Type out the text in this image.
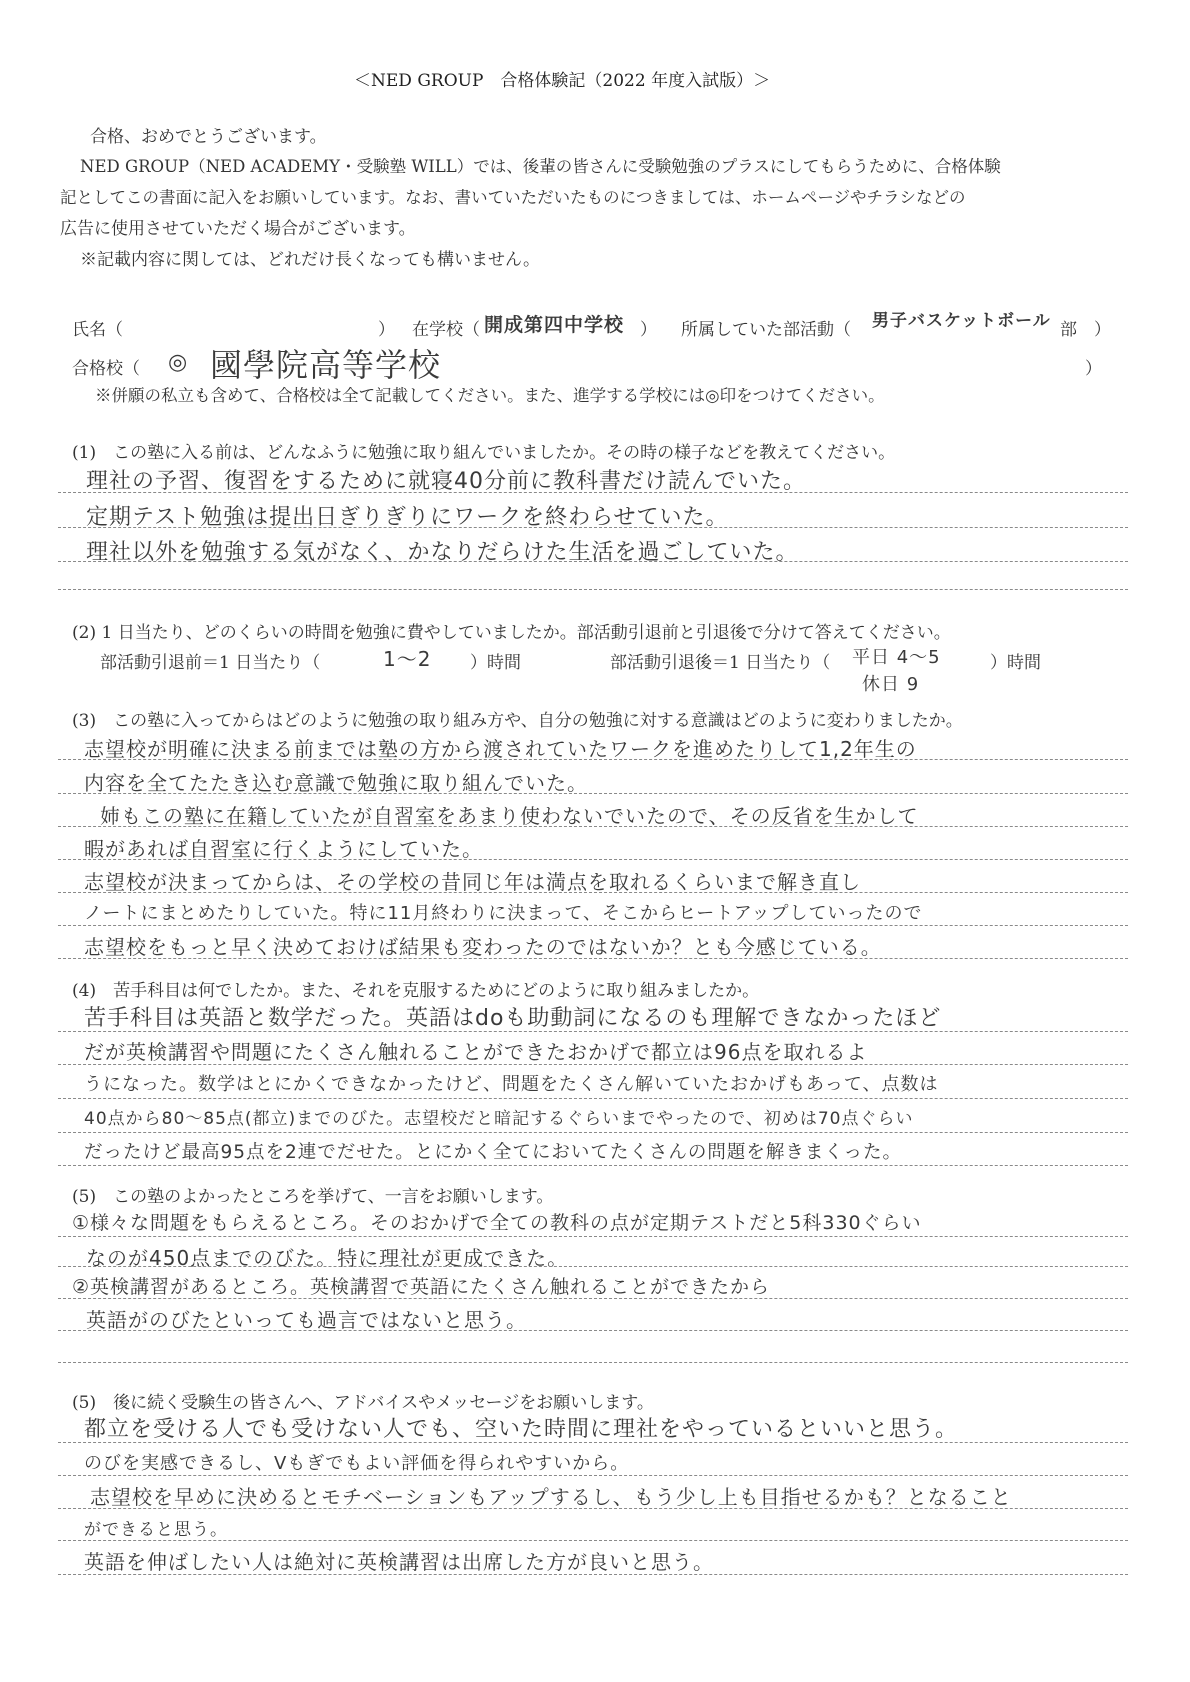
＜NED GROUP　合格体験記（2022 年度入試版）＞
合格、おめでとうございます。
NED GROUP（NED ACADEMY・受験塾 WILL）では、後輩の皆さんに受験勉強のプラスにしてもらうために、合格体験
記としてこの書面に記入をお願いしています。なお、書いていただいたものにつきましては、ホームページやチラシなどの
広告に使用させていただく場合がございます。
※記載内容に関しては、どれだけ長くなっても構いません。
氏名（	） 在学校（ 開成第四中学校 ） 所属していた部活動（ 男子バスケットボール 部　）
合格校（ ◎ 國學院高等学校	）
※併願の私立も含めて、合格校は全て記載してください。また、進学する学校には◎印をつけてください。
(1)　この塾に入る前は、どんなふうに勉強に取り組んでいましたか。その時の様子などを教えてください。
理社の予習、復習をするために就寝40分前に教科書だけ読んでいた。
定期テスト勉強は提出日ぎりぎりにワークを終わらせていた。
理社以外を勉強する気がなく、かなりだらけた生活を過ごしていた。
(2) 1 日当たり、どのくらいの時間を勉強に費やしていましたか。部活動引退前と引退後で分けて答えてください。
部活動引退前＝1 日当たり（	1〜2 ）時間	部活動引退後＝1 日当たり（ 平日 4〜5
休日 9
）時間
(3)　この塾に入ってからはどのように勉強の取り組み方や、自分の勉強に対する意識はどのように変わりましたか。
志望校が明確に決まる前までは塾の方から渡されていたワークを進めたりして1,2年生の
内容を全てたたき込む意識で勉強に取り組んでいた。
姉もこの塾に在籍していたが自習室をあまり使わないでいたので、その反省を生かして
暇があれば自習室に行くようにしていた。
志望校が決まってからは、その学校の昔同じ年は満点を取れるくらいまで解き直し
ノートにまとめたりしていた。特に11月終わりに決まって、そこからヒートアップしていったので
志望校をもっと早く決めておけば結果も変わったのではないか？とも今感じている。
(4)　苦手科目は何でしたか。また、それを克服するためにどのように取り組みましたか。
苦手科目は英語と数学だった。英語はdoも助動詞になるのも理解できなかったほど
だが英検講習や問題にたくさん触れることができたおかげで都立は96点を取れるよ
うになった。数学はとにかくできなかったけど、問題をたくさん解いていたおかげもあって、点数は
40点から80〜85点(都立)までのびた。志望校だと暗記するぐらいまでやったので、初めは70点ぐらい
だったけど最高95点を2連でだせた。とにかく全てにおいてたくさんの問題を解きまくった。
(5)　この塾のよかったところを挙げて、一言をお願いします。
①様々な問題をもらえるところ。そのおかげで全ての教科の点が定期テストだと5科330ぐらい
なのが450点までのびた。特に理社が更成できた。
②英検講習があるところ。英検講習で英語にたくさん触れることができたから
英語がのびたといっても過言ではないと思う。
(5)　後に続く受験生の皆さんへ、アドバイスやメッセージをお願いします。
都立を受ける人でも受けない人でも、空いた時間に理社をやっているといいと思う。
のびを実感できるし、Vもぎでもよい評価を得られやすいから。
志望校を早めに決めるとモチベーションもアップするし、もう少し上も目指せるかも？となること
ができると思う。
英語を伸ばしたい人は絶対に英検講習は出席した方が良いと思う。
